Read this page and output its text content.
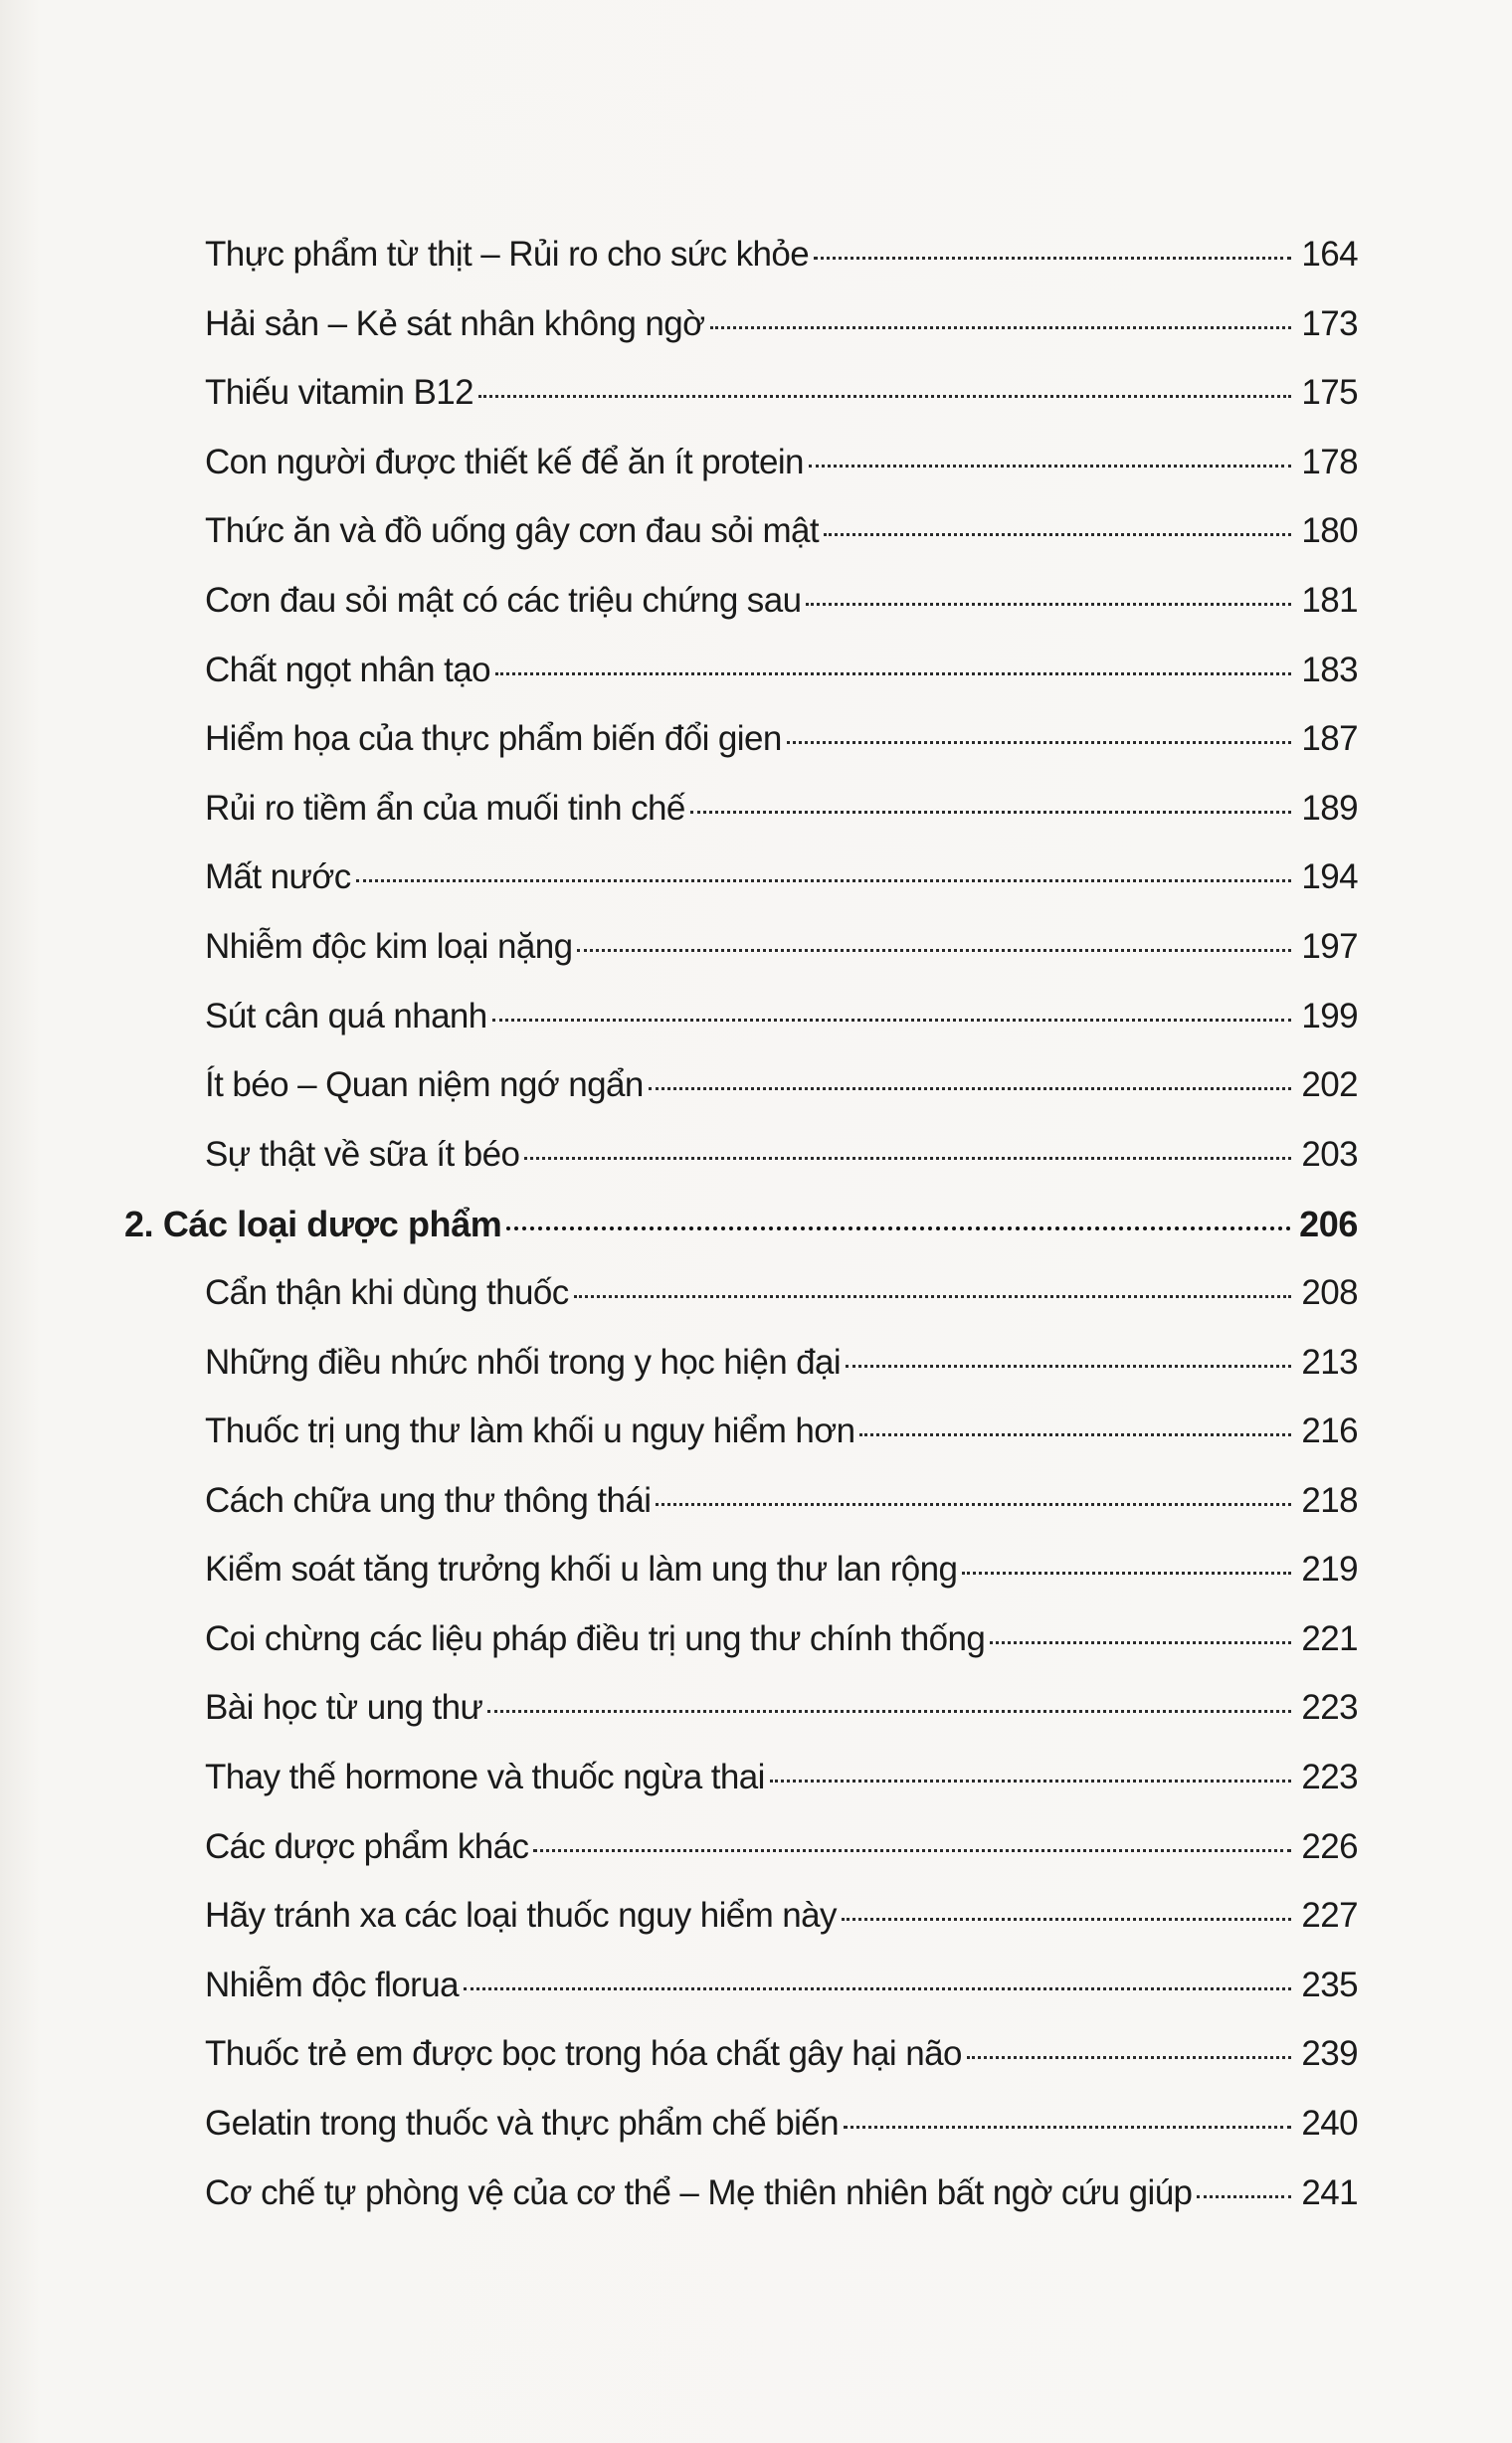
Thực phẩm từ thịt – Rủi ro cho sức khỏe	164
Hải sản – Kẻ sát nhân không ngờ	173
Thiếu vitamin B12	175
Con người được thiết kế để ăn ít protein	178
Thức ăn và đồ uống gây cơn đau sỏi mật	180
Cơn đau sỏi mật có các triệu chứng sau	181
Chất ngọt nhân tạo	183
Hiểm họa của thực phẩm biến đổi gien	187
Rủi ro tiềm ẩn của muối tinh chế	189
Mất nước	194
Nhiễm độc kim loại nặng	197
Sút cân quá nhanh	199
Ít béo – Quan niệm ngớ ngẩn	202
Sự thật về sữa ít béo	203
2. Các loại dược phẩm	206
Cẩn thận khi dùng thuốc	208
Những điều nhức nhối trong y học hiện đại	213
Thuốc trị ung thư làm khối u nguy hiểm hơn	216
Cách chữa ung thư thông thái	218
Kiểm soát tăng trưởng khối u làm ung thư lan rộng	219
Coi chừng các liệu pháp điều trị ung thư chính thống	221
Bài học từ ung thư	223
Thay thế hormone và thuốc ngừa thai	223
Các dược phẩm khác	226
Hãy tránh xa các loại thuốc nguy hiểm này	227
Nhiễm độc florua	235
Thuốc trẻ em được bọc trong hóa chất gây hại não	239
Gelatin trong thuốc và thực phẩm chế biến	240
Cơ chế tự phòng vệ của cơ thể – Mẹ thiên nhiên bất ngờ cứu giúp	241
